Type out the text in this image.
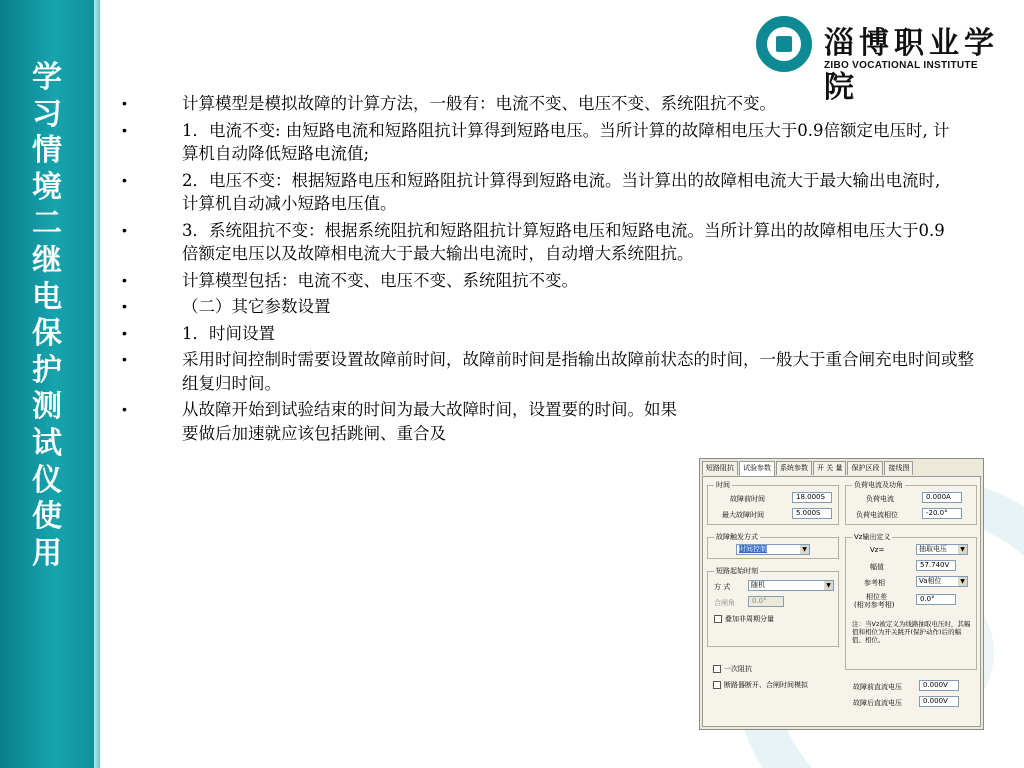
学
习
情
境
二
继
电
保
护
测
试
仪
使
用
淄博职业学院
ZIBO VOCATIONAL INSTITUTE
•	计算模型是模拟故障的计算方法，一般有：电流不变、电压不变、系统阻抗不变。
•	1．电流不变: 由短路电流和短路阻抗计算得到短路电压。当所计算的故障相电压大于0.9倍额定电压时, 计算机自动降低短路电流值;
•	2．电压不变：根据短路电压和短路阻抗计算得到短路电流。当计算出的故障相电流大于最大输出电流时, 计算机自动减小短路电压值。
•	3．系统阻抗不变：根据系统阻抗和短路阻抗计算短路电压和短路电流。当所计算出的故障相电压大于0.9倍额定电压以及故障相电流大于最大输出电流时，自动增大系统阻抗。
•	计算模型包括：电流不变、电压不变、系统阻抗不变。
•	（二）其它参数设置
•	1．时间设置
•	采用时间控制时需要设置故障前时间，故障前时间是指输出故障前状态的时间，一般大于重合闸充电时间或整组复归时间。
•	从故障开始到试验结束的时间为最大故障时间，设置要的时间。如果要做后加速就应该包括跳闸、重合及
短路阻抗	试验参数	系统参数	开 关 量	保护区段	接线图
时间
故障前时间	18.000S
最大故障时间	5.000S
负荷电流及功角
负荷电流	0.000A
负荷电流相位	-20.0°
故障触发方式
时间控制	▼
Vz输出定义
Vz=	抽取电压	▼
幅值	57.740V
参考相	Va相位	▼
相位差
(相对参考相)
0.0°
注：当Vz被定义为线路抽取电压时，其幅值和相位为开关跳开(保护动作)后的幅值、相位。
短路起始时刻
方 式	随机	▼
合闸角	0.0°
叠加非周期分量
一次阻抗
断路器断开、合闸时间模拟	故障前直流电压	0.000V
故障后直流电压	0.000V
